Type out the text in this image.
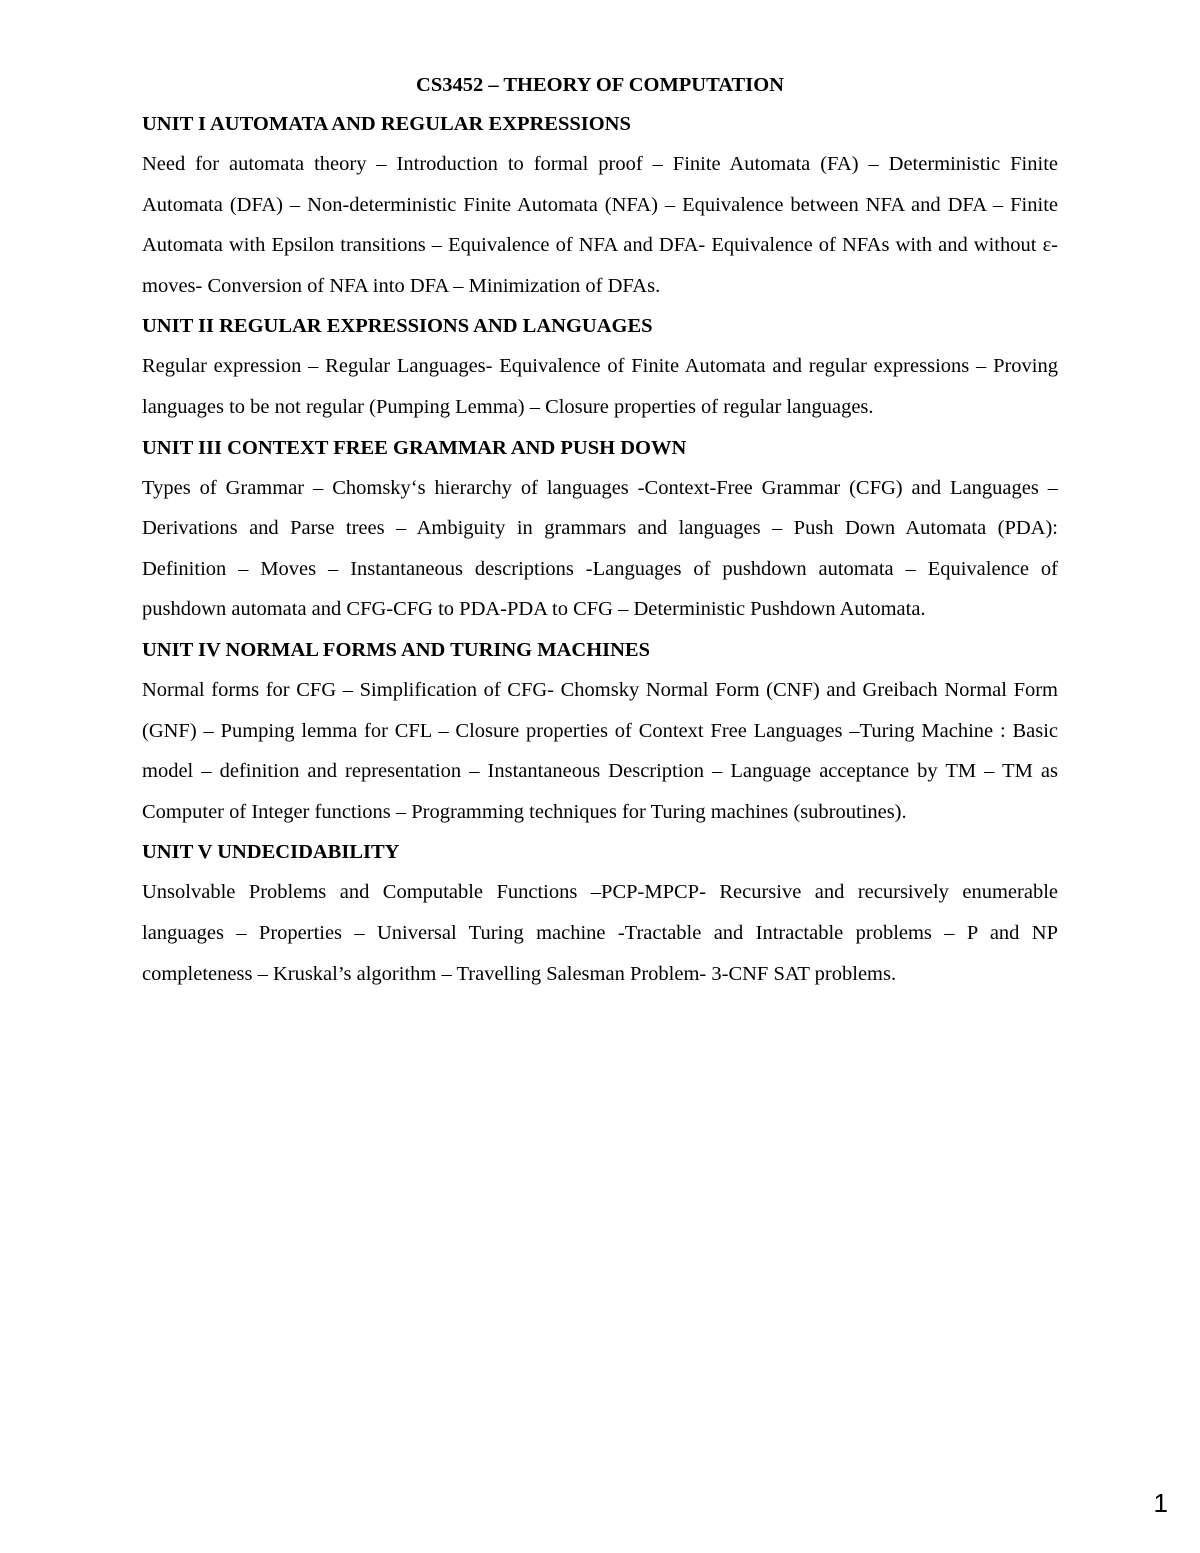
CS3452 – THEORY OF COMPUTATION
UNIT I AUTOMATA AND REGULAR EXPRESSIONS

Need for automata theory – Introduction to formal proof – Finite Automata (FA) – Deterministic Finite Automata (DFA) – Non-deterministic Finite Automata (NFA) – Equivalence between NFA and DFA – Finite Automata with Epsilon transitions – Equivalence of NFA and DFA- Equivalence of NFAs with and without ε-moves- Conversion of NFA into DFA – Minimization of DFAs.

UNIT II REGULAR EXPRESSIONS AND LANGUAGES

Regular expression – Regular Languages- Equivalence of Finite Automata and regular expressions – Proving languages to be not regular (Pumping Lemma) – Closure properties of regular languages.

UNIT III CONTEXT FREE GRAMMAR AND PUSH DOWN

Types of Grammar – Chomsky‘s hierarchy of languages -Context-Free Grammar (CFG) and Languages – Derivations and Parse trees – Ambiguity in grammars and languages – Push Down Automata (PDA): Definition – Moves – Instantaneous descriptions -Languages of pushdown automata – Equivalence of pushdown automata and CFG-CFG to PDA-PDA to CFG – Deterministic Pushdown Automata.

UNIT IV NORMAL FORMS AND TURING MACHINES

Normal forms for CFG – Simplification of CFG- Chomsky Normal Form (CNF) and Greibach Normal Form (GNF) – Pumping lemma for CFL – Closure properties of Context Free Languages –Turing Machine : Basic model – definition and representation – Instantaneous Description – Language acceptance by TM – TM as Computer of Integer functions – Programming techniques for Turing machines (subroutines).

UNIT V UNDECIDABILITY

Unsolvable Problems and Computable Functions –PCP-MPCP- Recursive and recursively enumerable languages – Properties – Universal Turing machine -Tractable and Intractable problems – P and NP completeness – Kruskal’s algorithm – Travelling Salesman Problem- 3-CNF SAT problems.

1
